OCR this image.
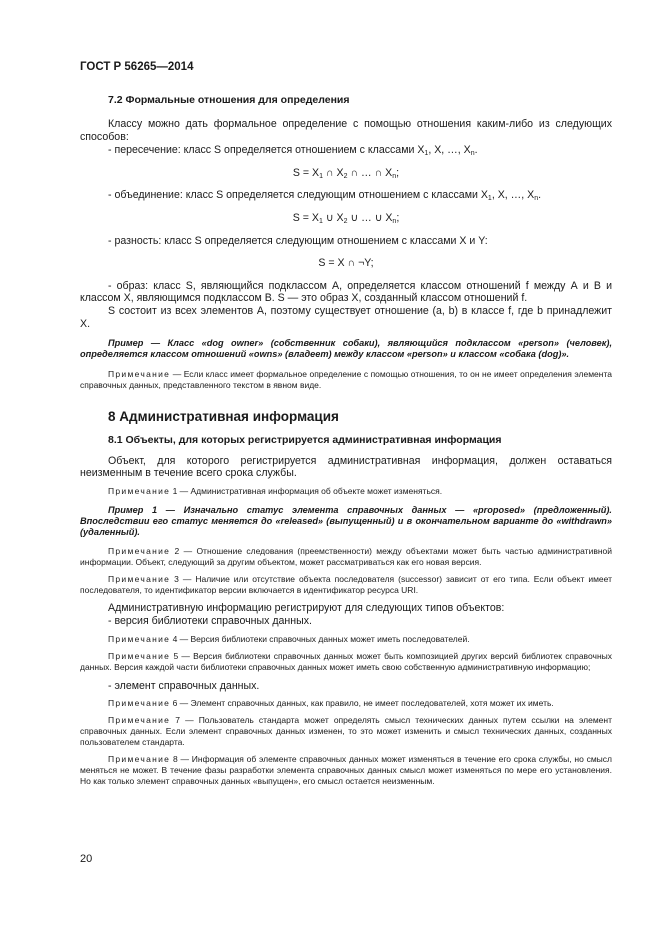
ГОСТ Р 56265—2014
7.2 Формальные отношения для определения

Классу можно дать формальное определение с помощью отношения каким-либо из следующих способов:

- пересечение: класс S определяется отношением с классами $X_1$, X, …, $X_n$.

$S = X_1$ ∩ $X_2$ ∩ … ∩ $X_n$;

- объединение: класс S определяется следующим отношением с классами $X_1$, X, …, $X_n$.

$S = X_1$ ∪ $X_2$ ∪ … ∪ $X_n$;

- разность: класс S определяется следующим отношением с классами X и Y:

S = X ∩ ¬Y;

- образ: класс S, являющийся подклассом А, определяется классом отношений f между А и В и классом X, являющимся подклассом В. S — это образ X, созданный классом отношений f.

S состоит из всех элементов А, поэтому существует отношение (a, b) в классе f, где b принадлежит X.

Пример — Класс «dog owner» (собственник собаки), являющийся подклассом «person» (человек), определяется классом отношений «owns» (владеет) между классом «person» и классом «собака (dog)».

Примечание — Если класс имеет формальное определение с помощью отношения, то он не имеет определения элемента справочных данных, представленного текстом в явном виде.

8 Административная информация
8.1 Объекты, для которых регистрируется административная информация

Объект, для которого регистрируется административная информация, должен оставаться неизменным в течение всего срока службы.

Примечание 1 — Административная информация об объекте может изменяться.

Пример 1 — Изначально статус элемента справочных данных — «proposed» (предложенный). Впоследствии его статус меняется до «released» (выпущенный) и в окончательном варианте до «withdrawn» (удаленный).

Примечание 2 — Отношение следования (преемственности) между объектами может быть частью административной информации. Объект, следующий за другим объектом, может рассматриваться как его новая версия.

Примечание 3 — Наличие или отсутствие объекта последователя (successor) зависит от его типа. Если объект имеет последователя, то идентификатор версии включается в идентификатор ресурса URI.

Административную информацию регистрируют для следующих типов объектов:

- версия библиотеки справочных данных.

Примечание 4 — Версия библиотеки справочных данных может иметь последователей.

Примечание 5 — Версия библиотеки справочных данных может быть композицией других версий библиотек справочных данных. Версия каждой части библиотеки справочных данных может иметь свою собственную административную информацию;

- элемент справочных данных.

Примечание 6 — Элемент справочных данных, как правило, не имеет последователей, хотя может их иметь.

Примечание 7 — Пользователь стандарта может определять смысл технических данных путем ссылки на элемент справочных данных. Если элемент справочных данных изменен, то это может изменить и смысл технических данных, созданных пользователем стандарта.

Примечание 8 — Информация об элементе справочных данных может изменяться в течение его срока службы, но смысл меняться не может. В течение фазы разработки элемента справочных данных смысл может изменяться по мере его установления. Но как только элемент справочных данных «выпущен», его смысл остается неизменным.

20
